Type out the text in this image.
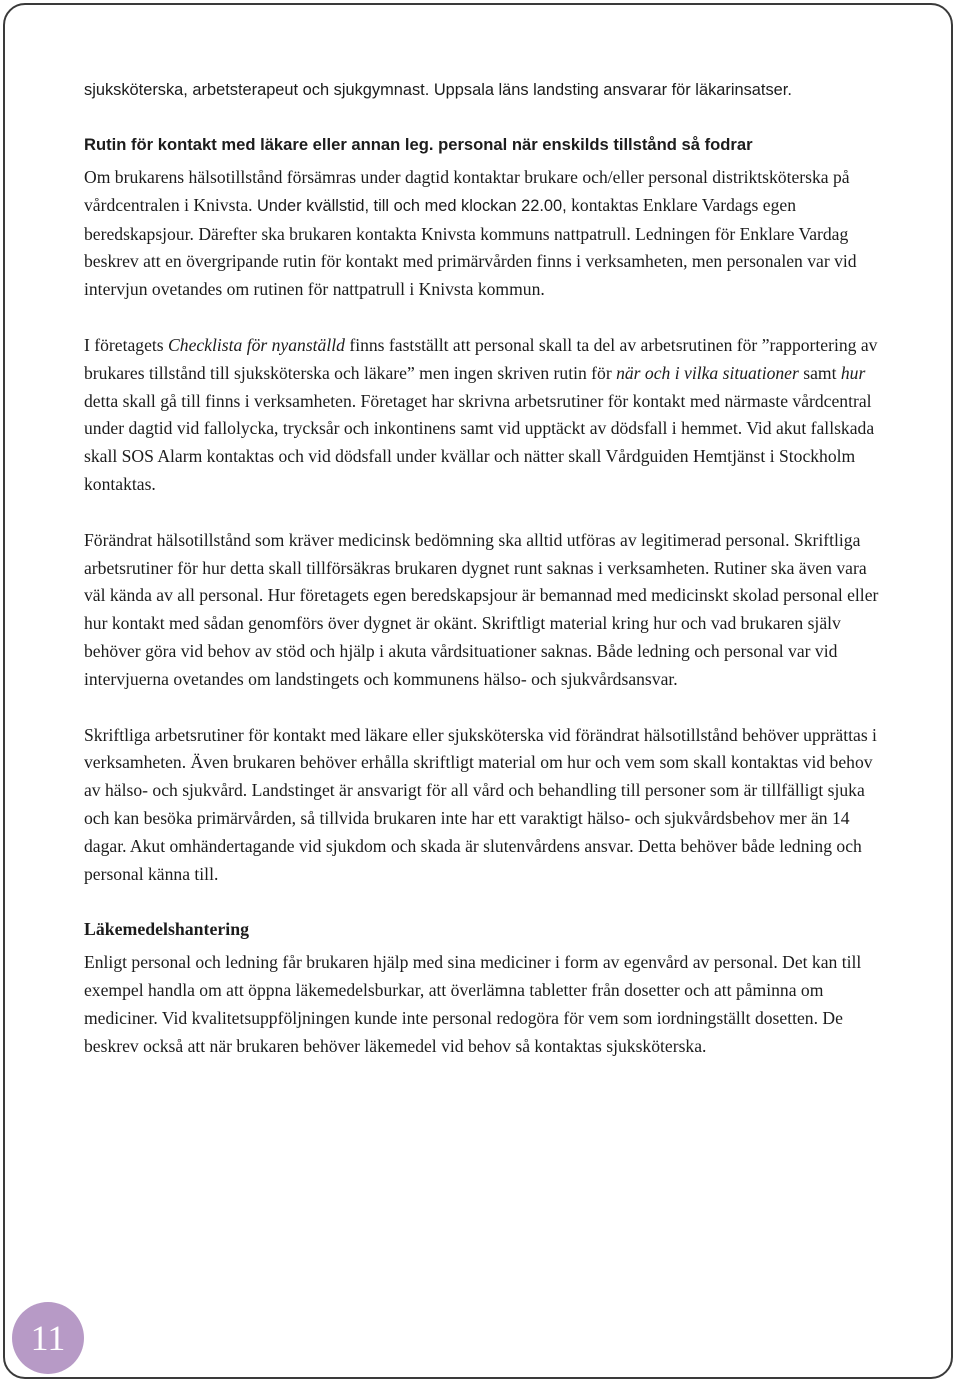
sjuksköterska, arbetsterapeut och sjukgymnast. Uppsala läns landsting ansvarar för läkarinsatser.

Rutin för kontakt med läkare eller annan leg. personal när enskilds tillstånd så fodrar

Om brukarens hälsotillstånd försämras under dagtid kontaktar brukare och/eller personal distriktsköterska på vårdcentralen i Knivsta. Under kvällstid, till och med klockan 22.00, kontaktas Enklare Vardags egen beredskapsjour. Därefter ska brukaren kontakta Knivsta kommuns nattpatrull. Ledningen för Enklare Vardag beskrev att en övergripande rutin för kontakt med primärvården finns i verksamheten, men personalen var vid intervjun ovetandes om rutinen för nattpatrull i Knivsta kommun.

I företagets Checklista för nyanställd finns fastställt att personal skall ta del av arbetsrutinen för ”rapportering av brukares tillstånd till sjuksköterska och läkare” men ingen skriven rutin för när och i vilka situationer samt hur detta skall gå till finns i verksamheten. Företaget har skrivna arbetsrutiner för kontakt med närmaste vårdcentral under dagtid vid fallolycka, trycksår och inkontinens samt vid upptäckt av dödsfall i hemmet. Vid akut fallskada skall SOS Alarm kontaktas och vid dödsfall under kvällar och nätter skall Vårdguiden Hemtjänst i Stockholm kontaktas.

Förändrat hälsotillstånd som kräver medicinsk bedömning ska alltid utföras av legitimerad personal. Skriftliga arbetsrutiner för hur detta skall tillförsäkras brukaren dygnet runt saknas i verksamheten. Rutiner ska även vara väl kända av all personal. Hur företagets egen beredskapsjour är bemannad med medicinskt skolad personal eller hur kontakt med sådan genomförs över dygnet är okänt. Skriftligt material kring hur och vad brukaren själv behöver göra vid behov av stöd och hjälp i akuta vårdsituationer saknas. Både ledning och personal var vid intervjuerna ovetandes om landstingets och kommunens hälso- och sjukvårdsansvar.

Skriftliga arbetsrutiner för kontakt med läkare eller sjuksköterska vid förändrat hälsotillstånd behöver upprättas i verksamheten. Även brukaren behöver erhålla skriftligt material om hur och vem som skall kontaktas vid behov av hälso- och sjukvård. Landstinget är ansvarigt för all vård och behandling till personer som är tillfälligt sjuka och kan besöka primärvården, så tillvida brukaren inte har ett varaktigt hälso- och sjukvårdsbehov mer än 14 dagar. Akut omhändertagande vid sjukdom och skada är slutenvårdens ansvar. Detta behöver både ledning och personal känna till.

Läkemedelshantering

Enligt personal och ledning får brukaren hjälp med sina mediciner i form av egenvård av personal. Det kan till exempel handla om att öppna läkemedelsburkar, att överlämna tabletter från dosetter och att påminna om mediciner. Vid kvalitetsuppföljningen kunde inte personal redogöra för vem som iordningställt dosetten. De beskrev också att när brukaren behöver läkemedel vid behov så kontaktas sjuksköterska.

11
